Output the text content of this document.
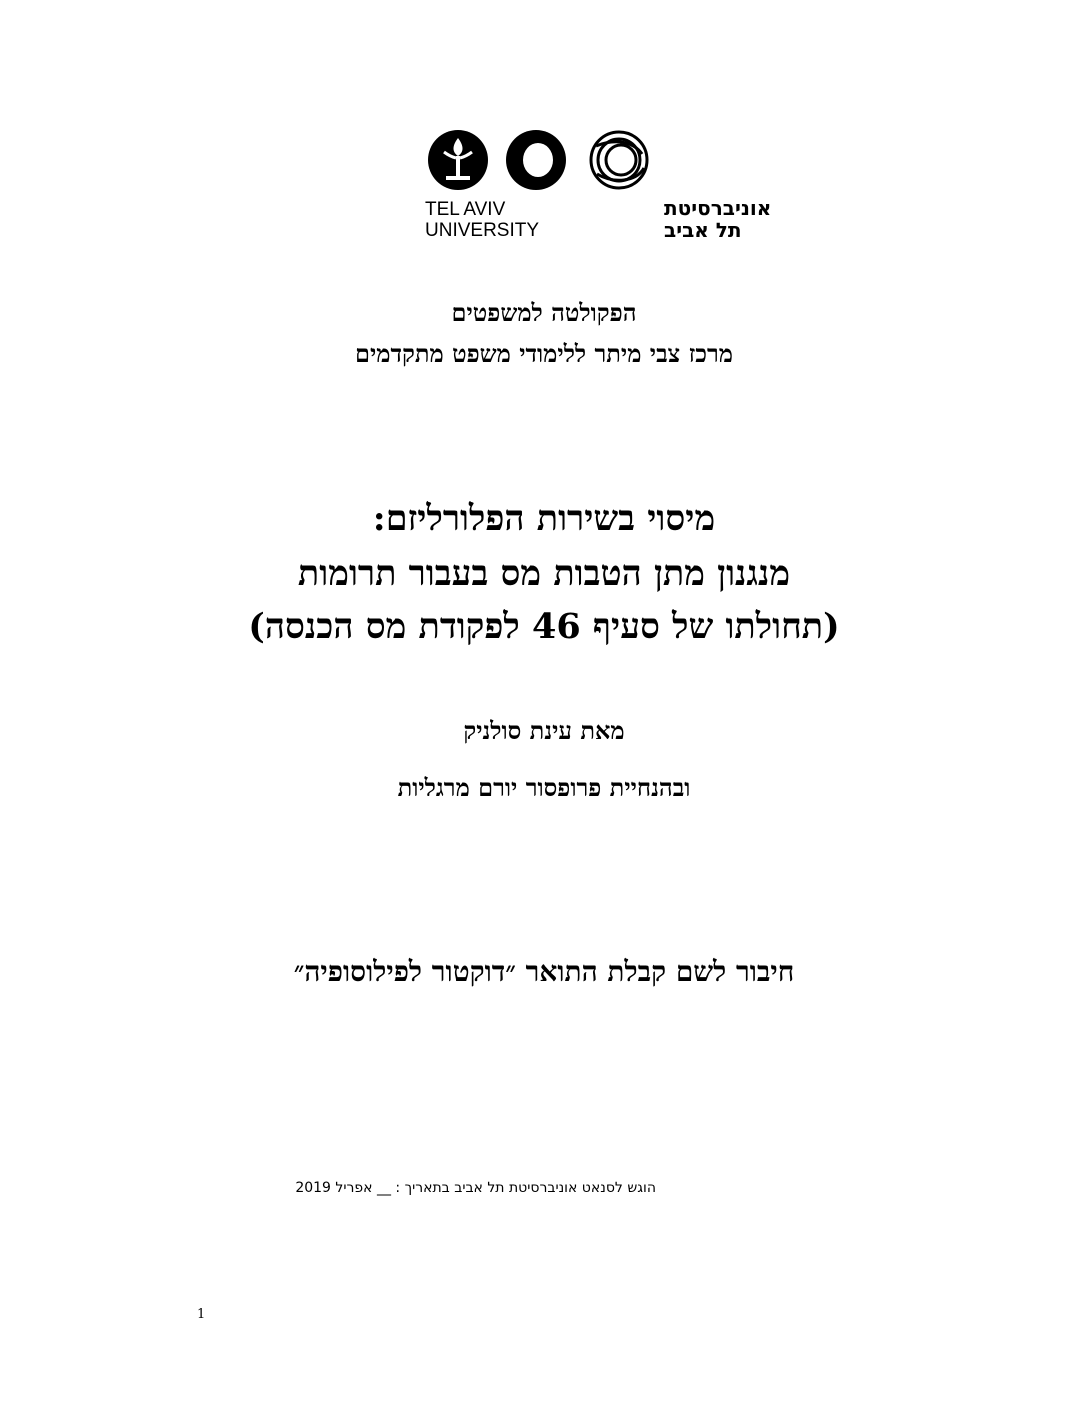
TEL AVIV
UNIVERSITY
אוניברסיטת
תל אביב
הפקולטה למשפטים
מרכז צבי מיתר ללימודי משפט מתקדמים
מיסוי בשירות הפלורליזם:
מנגנון מתן הטבות מס בעבור תרומות
(תחולתו של סעיף 46 לפקודת מס הכנסה)
מאת עינת סולניק
ובהנחיית פרופסור יורם מרגליות
חיבור לשם קבלת התואר ״דוקטור לפילוסופיה״
הוגש לסנאט אוניברסיטת תל אביב בתאריך : __ אפריל 2019
1
